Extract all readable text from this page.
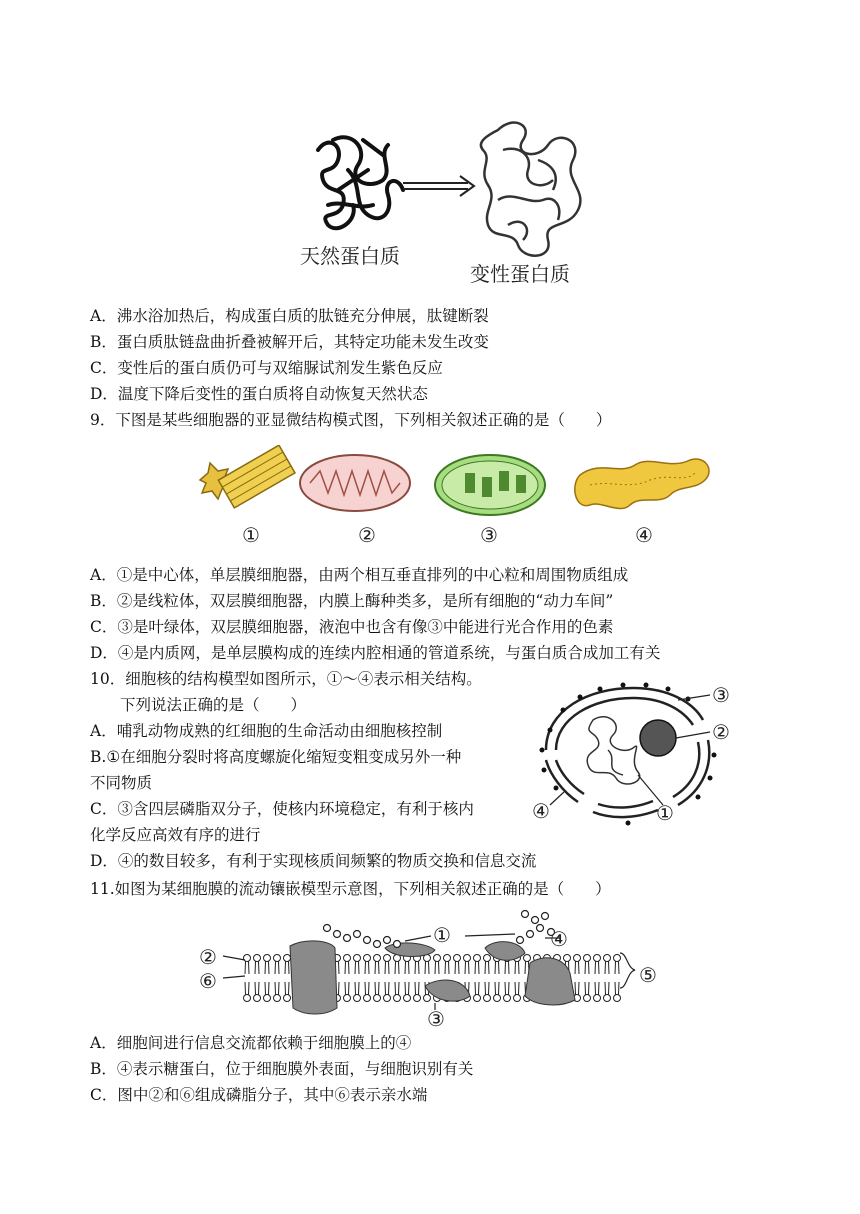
天然蛋白质
变性蛋白质
A．沸水浴加热后，构成蛋白质的肽链充分伸展，肽键断裂
B．蛋白质肽链盘曲折叠被解开后，其特定功能未发生改变
C．变性后的蛋白质仍可与双缩脲试剂发生紫色反应
D．温度下降后变性的蛋白质将自动恢复天然状态
9．下图是某些细胞器的亚显微结构模式图，下列相关叙述正确的是（　　）
①	②	③	④
A．①是中心体，单层膜细胞器，由两个相互垂直排列的中心粒和周围物质组成
B．②是线粒体，双层膜细胞器，内膜上酶种类多，是所有细胞的“动力车间”
C．③是叶绿体，双层膜细胞器，液泡中也含有像③中能进行光合作用的色素
D．④是内质网，是单层膜构成的连续内腔相通的管道系统，与蛋白质合成加工有关
10．细胞核的结构模型如图所示，①～④表示相关结构。
下列说法正确的是（　　）
A．哺乳动物成熟的红细胞的生命活动由细胞核控制
B.①在细胞分裂时将高度螺旋化缩短变粗变成另外一种
不同物质
C．③含四层磷脂双分子，使核内环境稳定，有利于核内
化学反应高效有序的进行
D．④的数目较多，有利于实现核质间频繁的物质交换和信息交流
③
②
④	①
11.如图为某细胞膜的流动镶嵌模型示意图，下列相关叙述正确的是（　　）
①	④
②
⑥	⑤
③
A．细胞间进行信息交流都依赖于细胞膜上的④
B．④表示糖蛋白，位于细胞膜外表面，与细胞识别有关
C．图中②和⑥组成磷脂分子，其中⑥表示亲水端
